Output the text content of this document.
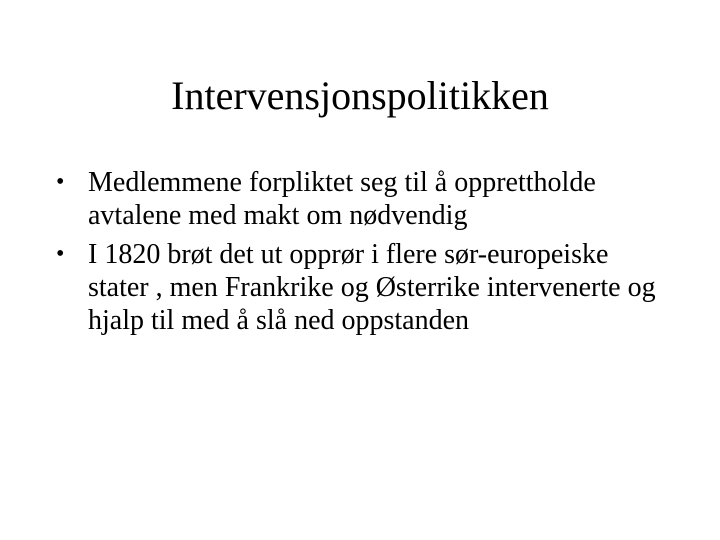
Intervensjonspolitikken
• Medlemmene forpliktet seg til å opprettholde avtalene med makt om nødvendig
• I 1820 brøt det ut opprør i flere sør-europeiske stater , men Frankrike og Østerrike intervenerte og hjalp til med å slå ned oppstanden
